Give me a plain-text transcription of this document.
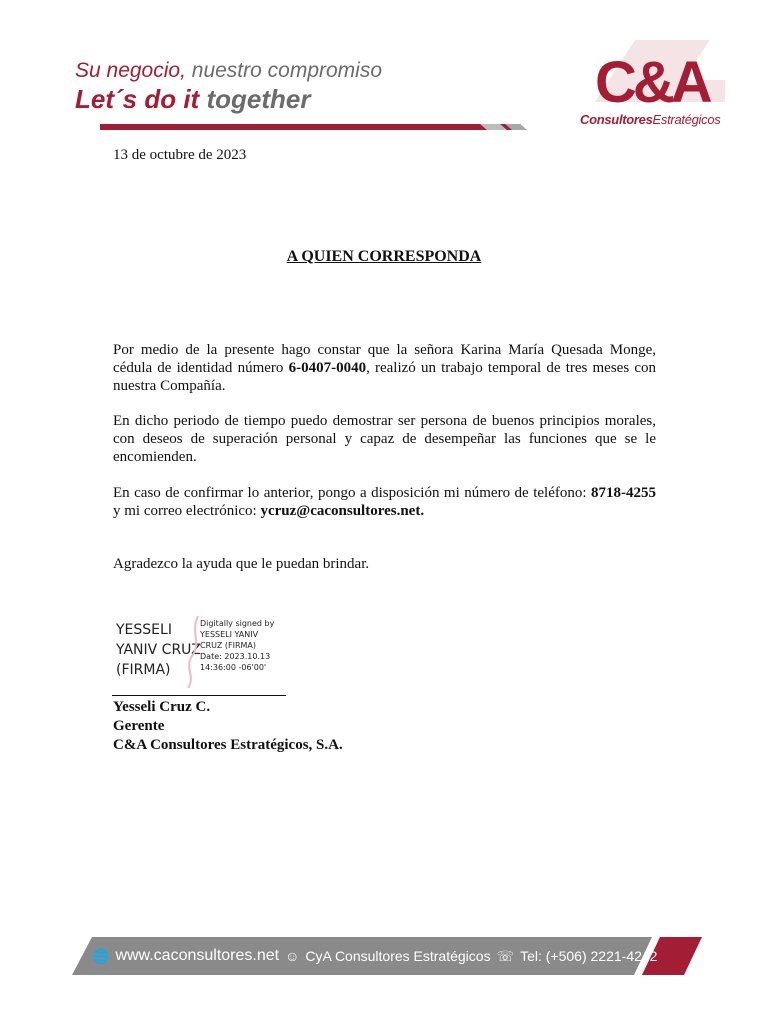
Su negocio, nuestro compromiso
Let´s do it together	C&A
ConsultoresEstratégicos
13 de octubre de 2023
A QUIEN CORRESPONDA
Por medio de la presente hago constar que la señora Karina María Quesada Monge, cédula de identidad número 6-0407-0040, realizó un trabajo temporal de tres meses con nuestra Compañía.
En dicho periodo de tiempo puedo demostrar ser persona de buenos principios morales, con deseos de superación personal y capaz de desempeñar las funciones que se le encomienden.
En caso de confirmar lo anterior, pongo a disposición mi número de teléfono: 8718-4255 y mi correo electrónico: ycruz@caconsultores.net.
Agradezco la ayuda que le puedan brindar.
YESSELI
YANIV CRUZ
(FIRMA)
Digitally signed by
YESSELI YANIV
CRUZ (FIRMA)
Date: 2023.10.13
14:36:00 -06'00'
Yesseli Cruz C.
Gerente
C&A Consultores Estratégicos, S.A.
🌐 www.caconsultores.net ☺ CyA Consultores Estratégicos ☏ Tel: (+506) 2221-4242
